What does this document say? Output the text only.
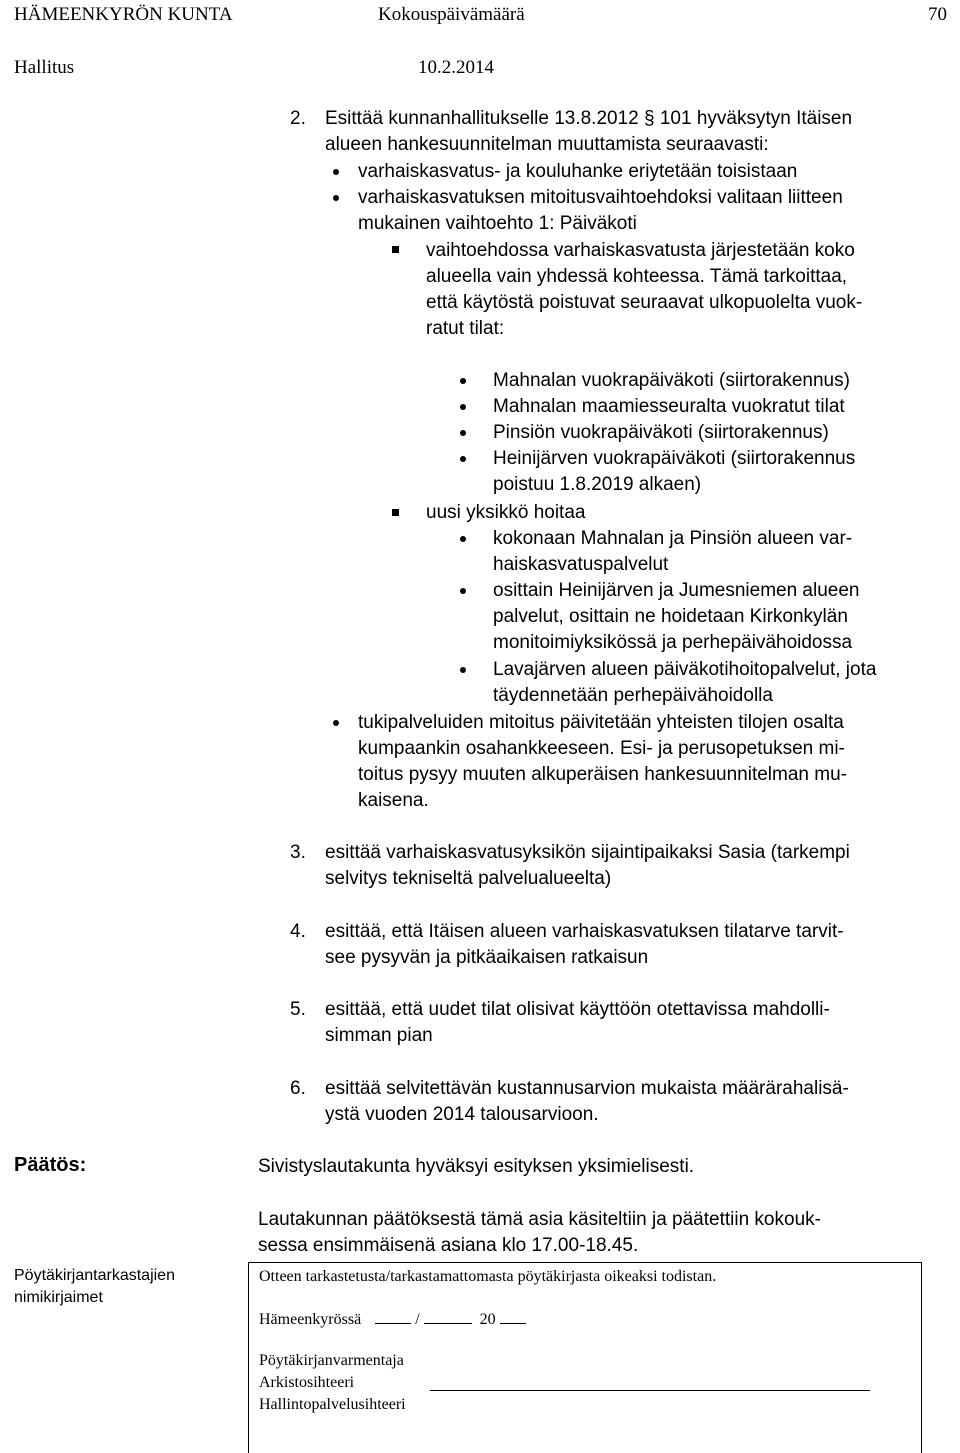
HÄMEENKYRÖN KUNTA	Kokouspäivämäärä	70
Hallitus	10.2.2014
2. Esittää kunnanhallitukselle 13.8.2012 § 101 hyväksytyn Itäisen
alueen hankesuunnitelman muuttamista seuraavasti:
varhaiskasvatus- ja kouluhanke eriytetään toisistaan
varhaiskasvatuksen mitoitusvaihtoehdoksi valitaan liitteen
mukainen vaihtoehto 1: Päiväkoti
vaihtoehdossa varhaiskasvatusta järjestetään koko
alueella vain yhdessä kohteessa. Tämä tarkoittaa,
että käytöstä poistuvat seuraavat ulkopuolelta vuok-
ratut tilat:
Mahnalan vuokrapäiväkoti (siirtorakennus)
Mahnalan maamiesseuralta vuokratut tilat
Pinsiön vuokrapäiväkoti (siirtorakennus)
Heinijärven vuokrapäiväkoti (siirtorakennus
poistuu 1.8.2019 alkaen)
uusi yksikkö hoitaa
kokonaan Mahnalan ja Pinsiön alueen var-
haiskasvatuspalvelut
osittain Heinijärven ja Jumesniemen alueen
palvelut, osittain ne hoidetaan Kirkonkylän
monitoimiyksikössä ja perhepäivähoidossa
Lavajärven alueen päiväkotihoitopalvelut, jota
täydennetään perhepäivähoidolla
tukipalveluiden mitoitus päivitetään yhteisten tilojen osalta
kumpaankin osahankkeeseen. Esi- ja perusopetuksen mi-
toitus pysyy muuten alkuperäisen hankesuunnitelman mu-
kaisena.
3. esittää varhaiskasvatusyksikön sijaintipaikaksi Sasia (tarkempi
selvitys tekniseltä palvelualueelta)
4. esittää, että Itäisen alueen varhaiskasvatuksen tilatarve tarvit-
see pysyvän ja pitkäaikaisen ratkaisun
5. esittää, että uudet tilat olisivat käyttöön otettavissa mahdolli-
simman pian
6. esittää selvitettävän kustannusarvion mukaista määrärahalisä-
ystä vuoden 2014 talousarvioon.
Päätös:	Sivistyslautakunta hyväksyi esityksen yksimielisesti.
Lautakunnan päätöksestä tämä asia käsiteltiin ja päätettiin kokouk-
sessa ensimmäisenä asiana klo 17.00-18.45.
Pöytäkirjantarkastajien
nimikirjaimet
Otteen tarkastetusta/tarkastamattomasta pöytäkirjasta oikeaksi todistan.
Hämeenkyrössä	/	20
Pöytäkirjanvarmentaja
Arkistosihteeri
Hallintopalvelusihteeri
